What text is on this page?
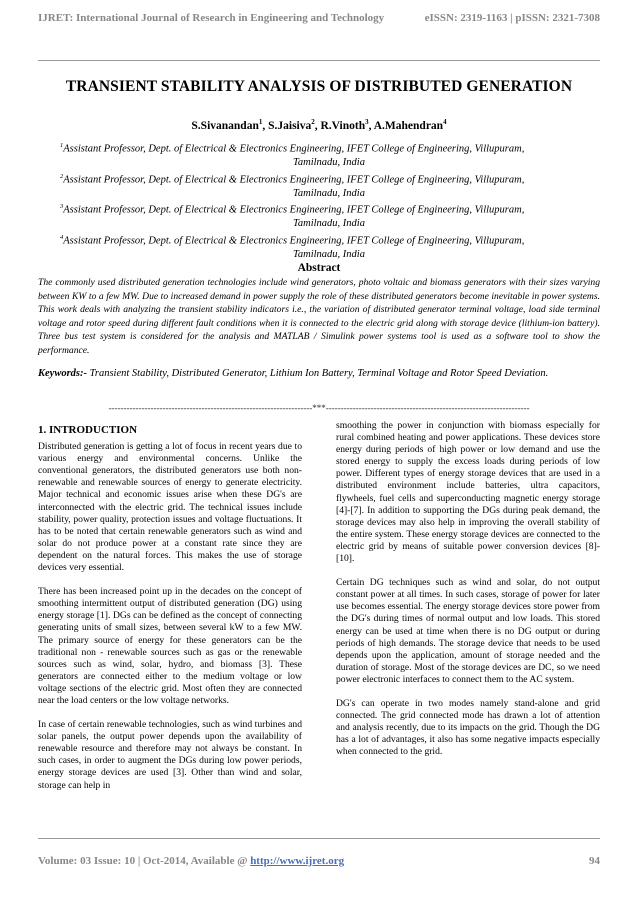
IJRET: International Journal of Research in Engineering and Technology	eISSN: 2319-1163 | pISSN: 2321-7308
TRANSIENT STABILITY ANALYSIS OF DISTRIBUTED GENERATION
S.Sivanandan$^1$, S.Jaisiva$^2$, R.Vinoth$^3$, A.Mahendran$^4$

$^1$Assistant Professor, Dept. of Electrical & Electronics Engineering, IFET College of Engineering, Villupuram,
Tamilnadu, India

$^2$Assistant Professor, Dept. of Electrical & Electronics Engineering, IFET College of Engineering, Villupuram,
Tamilnadu, India

$^3$Assistant Professor, Dept. of Electrical & Electronics Engineering, IFET College of Engineering, Villupuram,
Tamilnadu, India

$^4$Assistant Professor, Dept. of Electrical & Electronics Engineering, IFET College of Engineering, Villupuram,
Tamilnadu, India

Abstract
The commonly used distributed generation technologies include wind generators, photo voltaic and biomass generators with their sizes varying between KW to a few MW. Due to increased demand in power supply the role of these distributed generators become inevitable in power systems. This work deals with analyzing the transient stability indicators i.e., the variation of distributed generator terminal voltage, load side terminal voltage and rotor speed during different fault conditions when it is connected to the electric grid along with storage device (lithium-ion battery). Three bus test system is considered for the analysis and MATLAB / Simulink power systems tool is used as a software tool to show the performance.
Keywords:- Transient Stability, Distributed Generator, Lithium Ion Battery, Terminal Voltage and Rotor Speed Deviation.
--------------------------------------------------------------------***--------------------------------------------------------------------
1. INTRODUCTION

Distributed generation is getting a lot of focus in recent years due to various energy and environmental concerns. Unlike the conventional generators, the distributed generators use both non-renewable and renewable sources of energy to generate electricity. Major technical and economic issues arise when these DG's are interconnected with the electric grid. The technical issues include stability, power quality, protection issues and voltage fluctuations. It has to be noted that certain renewable generators such as wind and solar do not produce power at a constant rate since they are dependent on the natural forces. This makes the use of storage devices very essential.

There has been increased point up in the decades on the concept of smoothing intermittent output of distributed generation (DG) using energy storage [1]. DGs can be defined as the concept of connecting generating units of small sizes, between several kW to a few MW. The primary source of energy for these generators can be the traditional non - renewable sources such as gas or the renewable sources such as wind, solar, hydro, and biomass [3]. These generators are connected either to the medium voltage or low voltage sections of the electric grid. Most often they are connected near the load centers or the low voltage networks.

In case of certain renewable technologies, such as wind turbines and solar panels, the output power depends upon the availability of renewable resource and therefore may not always be constant. In such cases, in order to augment the DGs during low power periods, energy storage devices are used [3]. Other than wind and solar, storage can help in

smoothing the power in conjunction with biomass especially for rural combined heating and power applications. These devices store energy during periods of high power or low demand and use the stored energy to supply the excess loads during periods of low power. Different types of energy storage devices that are used in a distributed environment include batteries, ultra capacitors, flywheels, fuel cells and superconducting magnetic energy storage [4]-[7]. In addition to supporting the DGs during peak demand, the storage devices may also help in improving the overall stability of the entire system. These energy storage devices are connected to the electric grid by means of suitable power conversion devices [8]-[10].

Certain DG techniques such as wind and solar, do not output constant power at all times. In such cases, storage of power for later use becomes essential. The energy storage devices store power from the DG's during times of normal output and low loads. This stored energy can be used at time when there is no DG output or during periods of high demands. The storage device that needs to be used depends upon the application, amount of storage needed and the duration of storage. Most of the storage devices are DC, so we need power electronic interfaces to connect them to the AC system.

DG's can operate in two modes namely stand-alone and grid connected. The grid connected mode has drawn a lot of attention and analysis recently, due to its impacts on the grid. Though the DG has a lot of advantages, it also has some negative impacts especially when connected to the grid.

Volume: 03 Issue: 10 | Oct-2014, Available @ http://www.ijret.org	94
